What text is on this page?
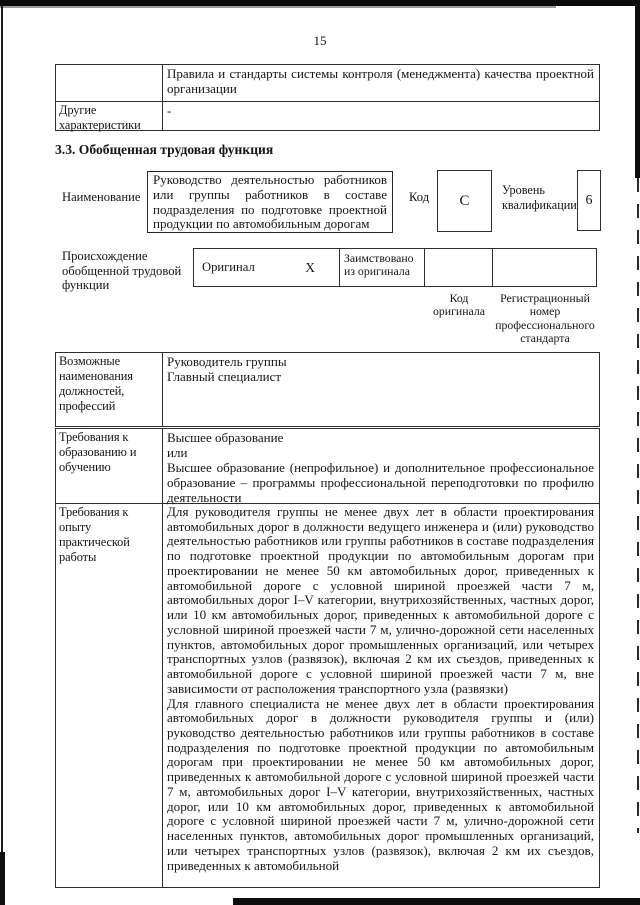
15
Правила и стандарты системы контроля (менеджмента) качества проектной организации
Другие характеристики
-
3.3. Обобщенная трудовая функция
Наименование
Руководство деятельностью работников или группы работников в составе подразделения по подготовке проектной продукции по автомобильным дорогам
Код	С
Уровень квалификации 6
Происхождение обобщенной трудовой функции
Оригинал	X
Заимствовано из оригинала
Код оригинала
Регистрационный номер профессионального стандарта
Возможные наименования должностей, профессий
Руководитель группы
Главный специалист
Требования к образованию и обучению
Высшее образование
или
Высшее образование (непрофильное) и дополнительное профессиональное образование – программы профессиональной переподготовки по профилю деятельности
Требования к опыту практической работы

Для руководителя группы не менее двух лет в области проектирования автомобильных дорог в должности ведущего инженера и (или) руководство деятельностью работников или группы работников в составе подразделения по подготовке проектной продукции по автомобильным дорогам при проектировании не менее 50 км автомобильных дорог, приведенных к автомобильной дороге с условной шириной проезжей части 7 м, автомобильных дорог I–V категории, внутрихозяйственных, частных дорог, или 10 км автомобильных дорог, приведенных к автомобильной дороге с условной шириной проезжей части 7 м, улично-дорожной сети населенных пунктов, автомобильных дорог промышленных организаций, или четырех транспортных узлов (развязок), включая 2 км их съездов, приведенных к автомобильной дороге с условной шириной проезжей части 7 м, вне зависимости от расположения транспортного узла (развязки)

Для главного специалиста не менее двух лет в области проектирования автомобильных дорог в должности руководителя группы и (или) руководство деятельностью работников или группы работников в составе подразделения по подготовке проектной продукции по автомобильным дорогам при проектировании не менее 50 км автомобильных дорог, приведенных к автомобильной дороге с условной шириной проезжей части 7 м, автомобильных дорог I–V категории, внутрихозяйственных, частных дорог, или 10 км автомобильных дорог, приведенных к автомобильной дороге с условной шириной проезжей части 7 м, улично-дорожной сети населенных пунктов, автомобильных дорог промышленных организаций, или четырех транспортных узлов (развязок), включая 2 км их съездов, приведенных к автомобильной
